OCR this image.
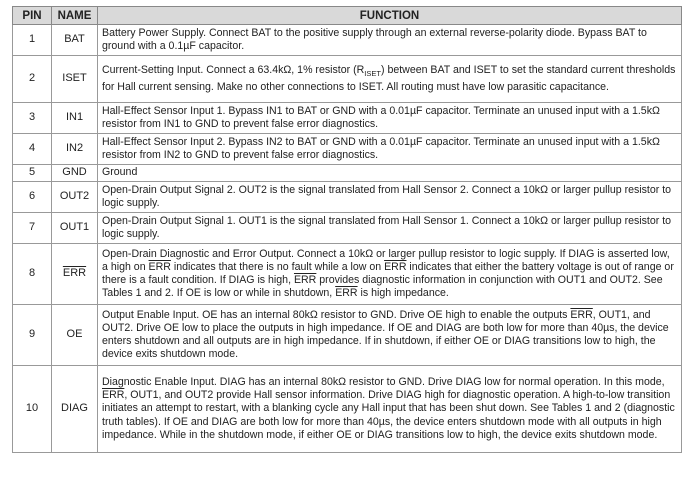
PIN	NAME	FUNCTION
1	BAT	Battery Power Supply. Connect BAT to the positive supply through an external reverse-polarity diode. Bypass BAT to ground with a 0.1µF capacitor.
2	ISET	Current-Setting Input. Connect a 63.4kΩ, 1% resistor $(R_{ISET})$ between BAT and ISET to set the standard current thresholds for Hall current sensing. Make no other connections to ISET. All routing must have low parasitic capacitance.
3	IN1	Hall-Effect Sensor Input 1. Bypass IN1 to BAT or GND with a 0.01µF capacitor. Terminate an unused input with a 1.5kΩ resistor from IN1 to GND to prevent false error diagnostics.
4	IN2	Hall-Effect Sensor Input 2. Bypass IN2 to BAT or GND with a 0.01µF capacitor. Terminate an unused input with a 1.5kΩ resistor from IN2 to GND to prevent false error diagnostics.
5	GND	Ground
6	OUT2	Open-Drain Output Signal 2. OUT2 is the signal translated from Hall Sensor 2. Connect a 10kΩ or larger pullup resistor to logic supply.
7	OUT1	Open-Drain Output Signal 1. OUT1 is the signal translated from Hall Sensor 1. Connect a 10kΩ or larger pullup resistor to logic supply.
8	$\overline{ERR}$	Open-Drain Diagnostic and Error Output. Connect a 10kΩ or larger pullup resistor to logic supply. If DIAG is asserted low, a high on $\overline{ERR}$ indicates that there is no fault while a low on $\overline{ERR}$ indicates that either the battery voltage is out of range or there is a fault condition. If DIAG is high, $\overline{ERR}$ provides diagnostic information in conjunction with OUT1 and OUT2. See Tables 1 and 2. If OE is low or while in shutdown, $\overline{ERR}$ is high impedance.
9	OE	Output Enable Input. OE has an internal 80kΩ resistor to GND. Drive OE high to enable the outputs $\overline{ERR}$, OUT1, and OUT2. Drive OE low to place the outputs in high impedance. If OE and DIAG are both low for more than 40µs, the device enters shutdown and all outputs are in high impedance. If in shutdown, if either OE or DIAG transitions low to high, the device exits shutdown mode.
10	DIAG	Diagnostic Enable Input. DIAG has an internal 80kΩ resistor to GND. Drive DIAG low for normal operation. In this mode, $\overline{ERR}$, OUT1, and OUT2 provide Hall sensor information. Drive DIAG high for diagnostic operation. A high-to-low transition initiates an attempt to restart, with a blanking cycle any Hall input that has been shut down. See Tables 1 and 2 (diagnostic truth tables). If OE and DIAG are both low for more than 40µs, the device enters shutdown mode with all outputs in high impedance. While in the shutdown mode, if either OE or DIAG transitions low to high, the device exits shutdown mode.
